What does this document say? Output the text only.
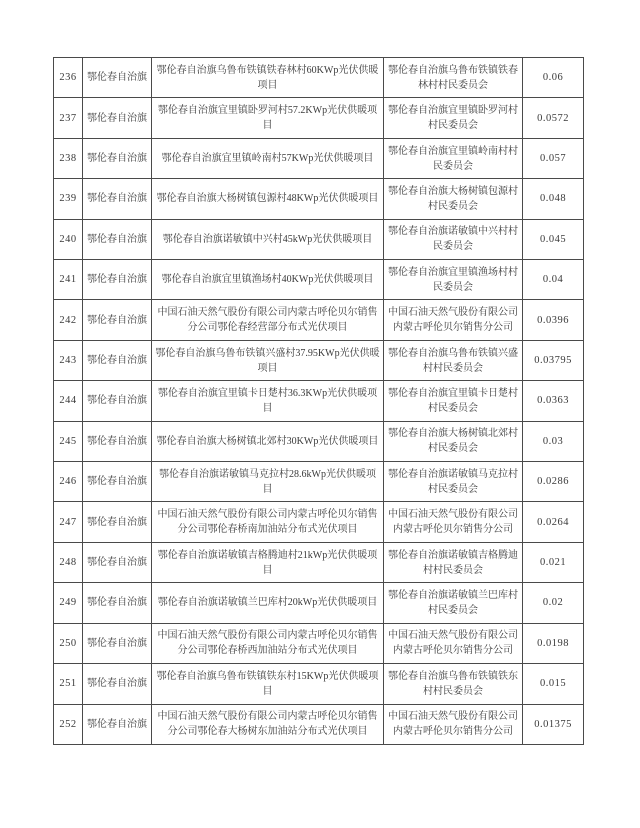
236	鄂伦春自治旗	鄂伦春自治旗乌鲁布铁镇铁春林村60KWp光伏供暖项目	鄂伦春自治旗乌鲁布铁镇铁春林村村民委员会	0.06
237	鄂伦春自治旗	鄂伦春自治旗宜里镇卧罗河村57.2KWp光伏供暖项目	鄂伦春自治旗宜里镇卧罗河村村民委员会	0.0572
238	鄂伦春自治旗	鄂伦春自治旗宜里镇岭南村57KWp光伏供暖项目	鄂伦春自治旗宜里镇岭南村村民委员会	0.057
239	鄂伦春自治旗	鄂伦春自治旗大杨树镇包源村48KWp光伏供暖项目	鄂伦春自治旗大杨树镇包源村村民委员会	0.048
240	鄂伦春自治旗	鄂伦春自治旗诺敏镇中兴村45kWp光伏供暖项目	鄂伦春自治旗诺敏镇中兴村村民委员会	0.045
241	鄂伦春自治旗	鄂伦春自治旗宜里镇渔场村40KWp光伏供暖项目	鄂伦春自治旗宜里镇渔场村村民委员会	0.04
242	鄂伦春自治旗	中国石油天然气股份有限公司内蒙古呼伦贝尔销售分公司鄂伦春经营部分布式光伏项目	中国石油天然气股份有限公司内蒙古呼伦贝尔销售分公司	0.0396
243	鄂伦春自治旗	鄂伦春自治旗乌鲁布铁镇兴盛村37.95KWp光伏供暖项目	鄂伦春自治旗乌鲁布铁镇兴盛村村民委员会	0.03795
244	鄂伦春自治旗	鄂伦春自治旗宜里镇卡日楚村36.3KWp光伏供暖项目	鄂伦春自治旗宜里镇卡日楚村村民委员会	0.0363
245	鄂伦春自治旗	鄂伦春自治旗大杨树镇北郊村30KWp光伏供暖项目	鄂伦春自治旗大杨树镇北郊村村民委员会	0.03
246	鄂伦春自治旗	鄂伦春自治旗诺敏镇马克拉村28.6kWp光伏供暖项目	鄂伦春自治旗诺敏镇马克拉村村民委员会	0.0286
247	鄂伦春自治旗	中国石油天然气股份有限公司内蒙古呼伦贝尔销售分公司鄂伦春桥南加油站分布式光伏项目	中国石油天然气股份有限公司内蒙古呼伦贝尔销售分公司	0.0264
248	鄂伦春自治旗	鄂伦春自治旗诺敏镇吉格腾迪村21kWp光伏供暖项目	鄂伦春自治旗诺敏镇吉格腾迪村村民委员会	0.021
249	鄂伦春自治旗	鄂伦春自治旗诺敏镇兰巴库村20kWp光伏供暖项目	鄂伦春自治旗诺敏镇兰巴库村村民委员会	0.02
250	鄂伦春自治旗	中国石油天然气股份有限公司内蒙古呼伦贝尔销售分公司鄂伦春桥西加油站分布式光伏项目	中国石油天然气股份有限公司内蒙古呼伦贝尔销售分公司	0.0198
251	鄂伦春自治旗	鄂伦春自治旗乌鲁布铁镇铁东村15KWp光伏供暖项目	鄂伦春自治旗乌鲁布铁镇铁东村村民委员会	0.015
252	鄂伦春自治旗	中国石油天然气股份有限公司内蒙古呼伦贝尔销售分公司鄂伦春大杨树东加油站分布式光伏项目	中国石油天然气股份有限公司内蒙古呼伦贝尔销售分公司	0.01375
